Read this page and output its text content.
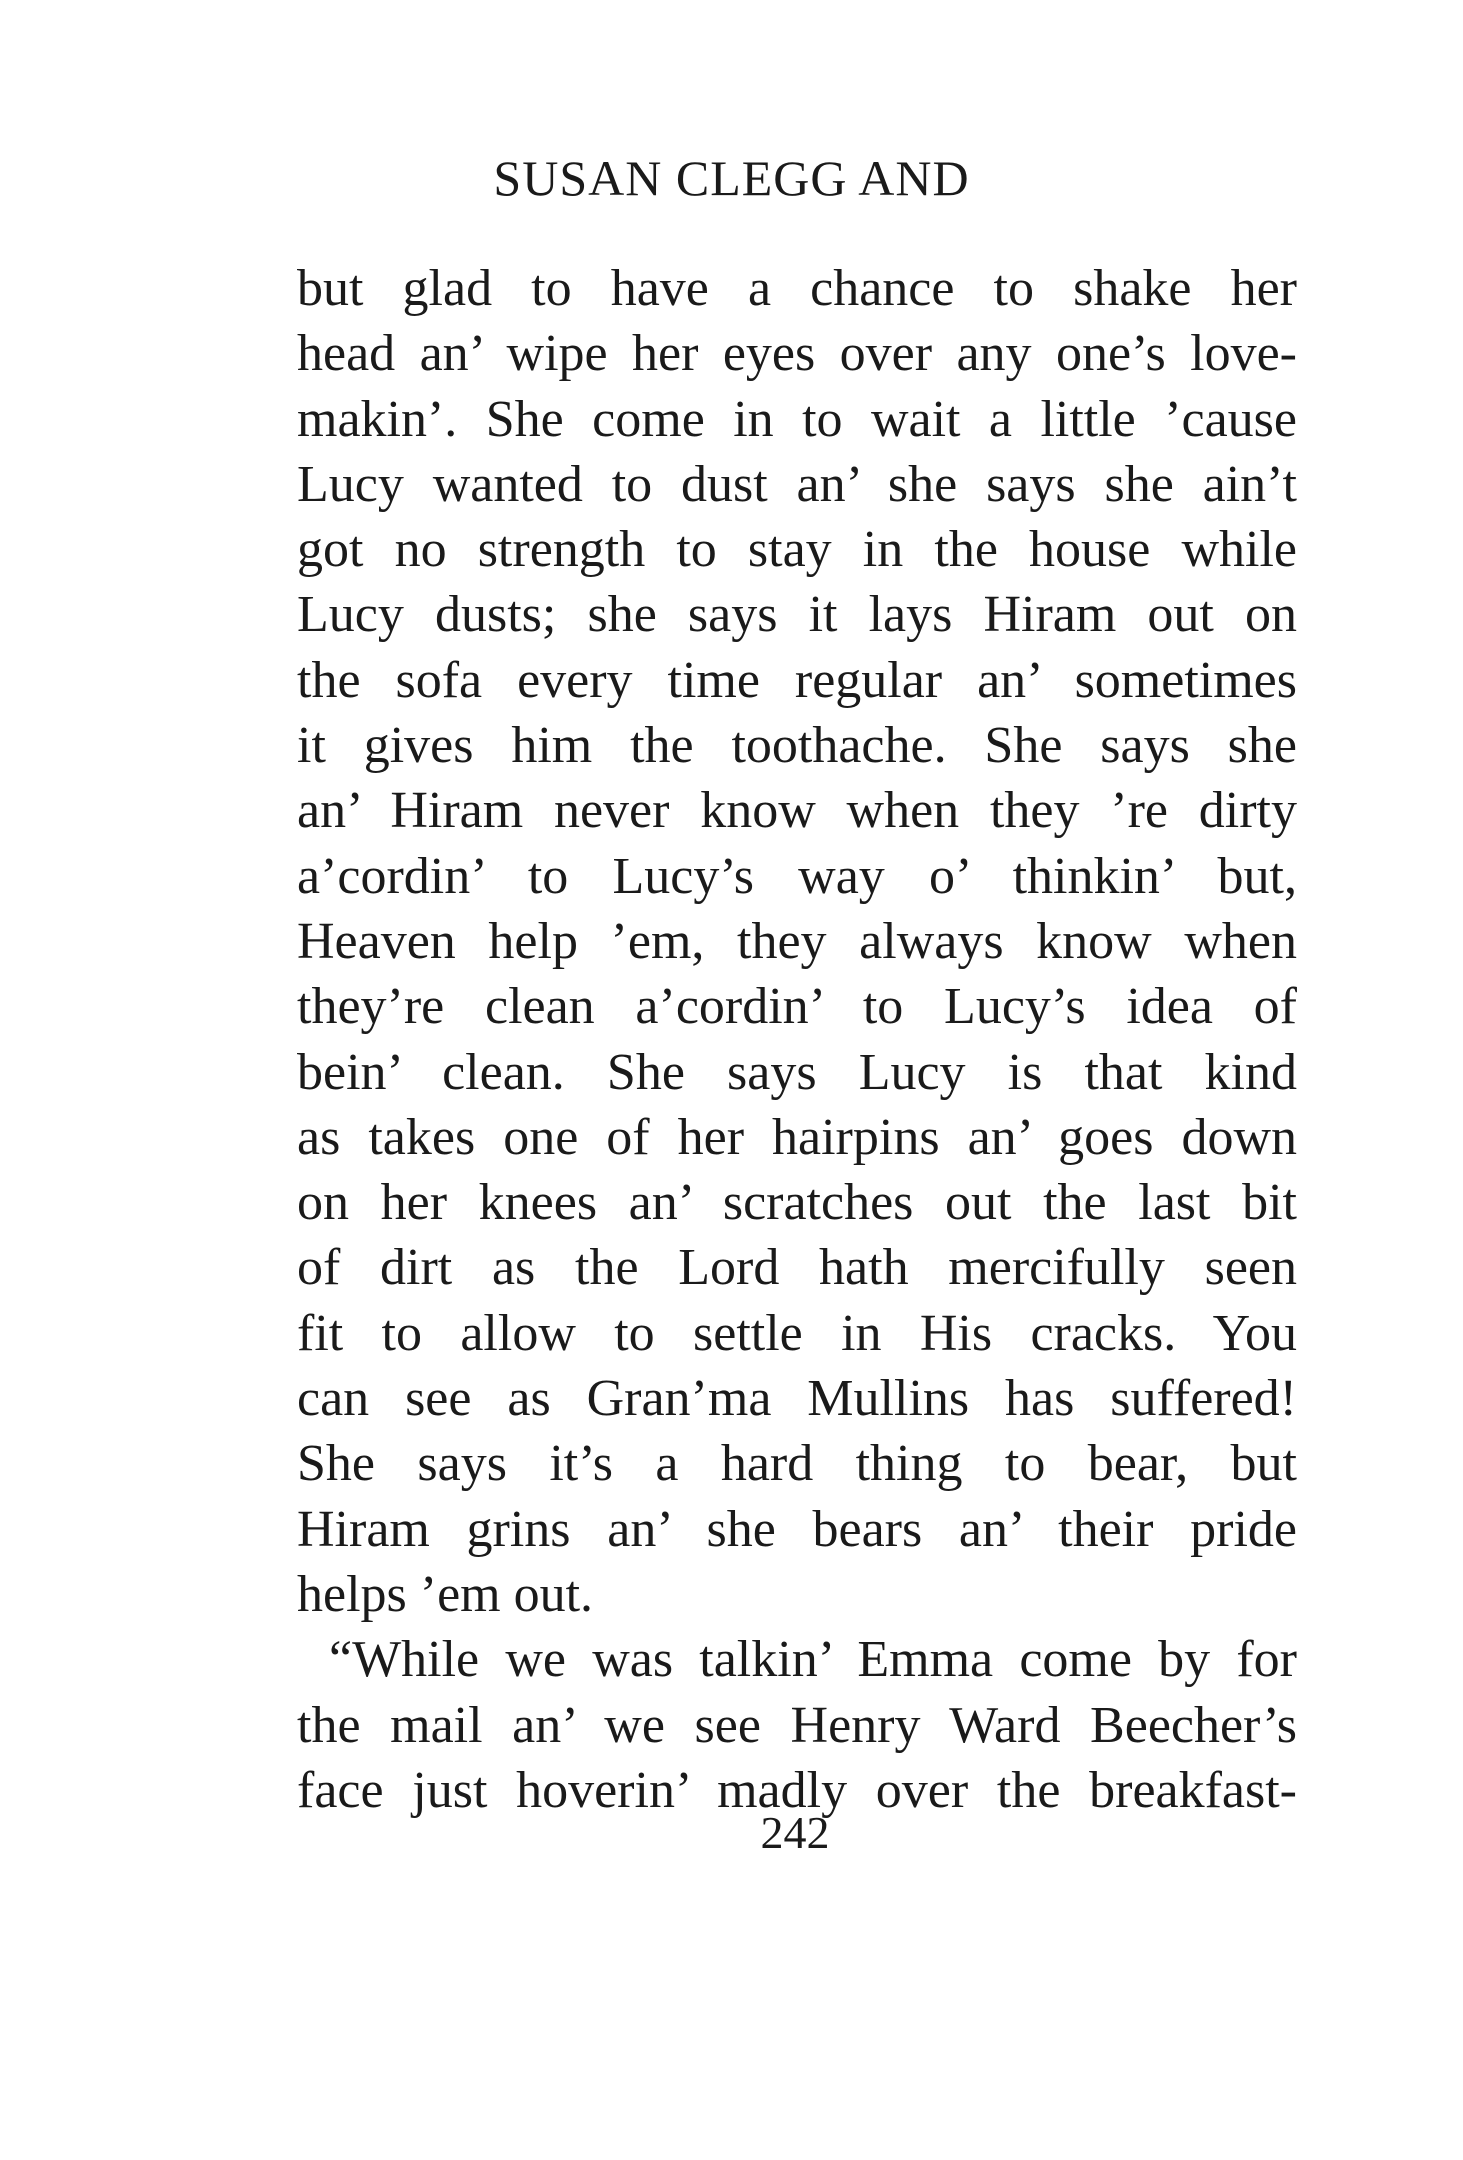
SUSAN CLEGG AND
but glad to have a chance to shake her
head an’ wipe her eyes over any one’s love-
makin’. She come in to wait a little ’cause
Lucy wanted to dust an’ she says she ain’t
got no strength to stay in the house while
Lucy dusts; she says it lays Hiram out on
the sofa every time regular an’ sometimes
it gives him the toothache. She says she
an’ Hiram never know when they ’re dirty
a’cordin’ to Lucy’s way o’ thinkin’ but,
Heaven help ’em, they always know when
they’re clean a’cordin’ to Lucy’s idea of
bein’ clean. She says Lucy is that kind
as takes one of her hairpins an’ goes down
on her knees an’ scratches out the last bit
of dirt as the Lord hath mercifully seen
fit to allow to settle in His cracks. You
can see as Gran’ma Mullins has suffered!
She says it’s a hard thing to bear, but
Hiram grins an’ she bears an’ their pride
helps ’em out.
“While we was talkin’ Emma come by for
the mail an’ we see Henry Ward Beecher’s
face just hoverin’ madly over the breakfast-
242
